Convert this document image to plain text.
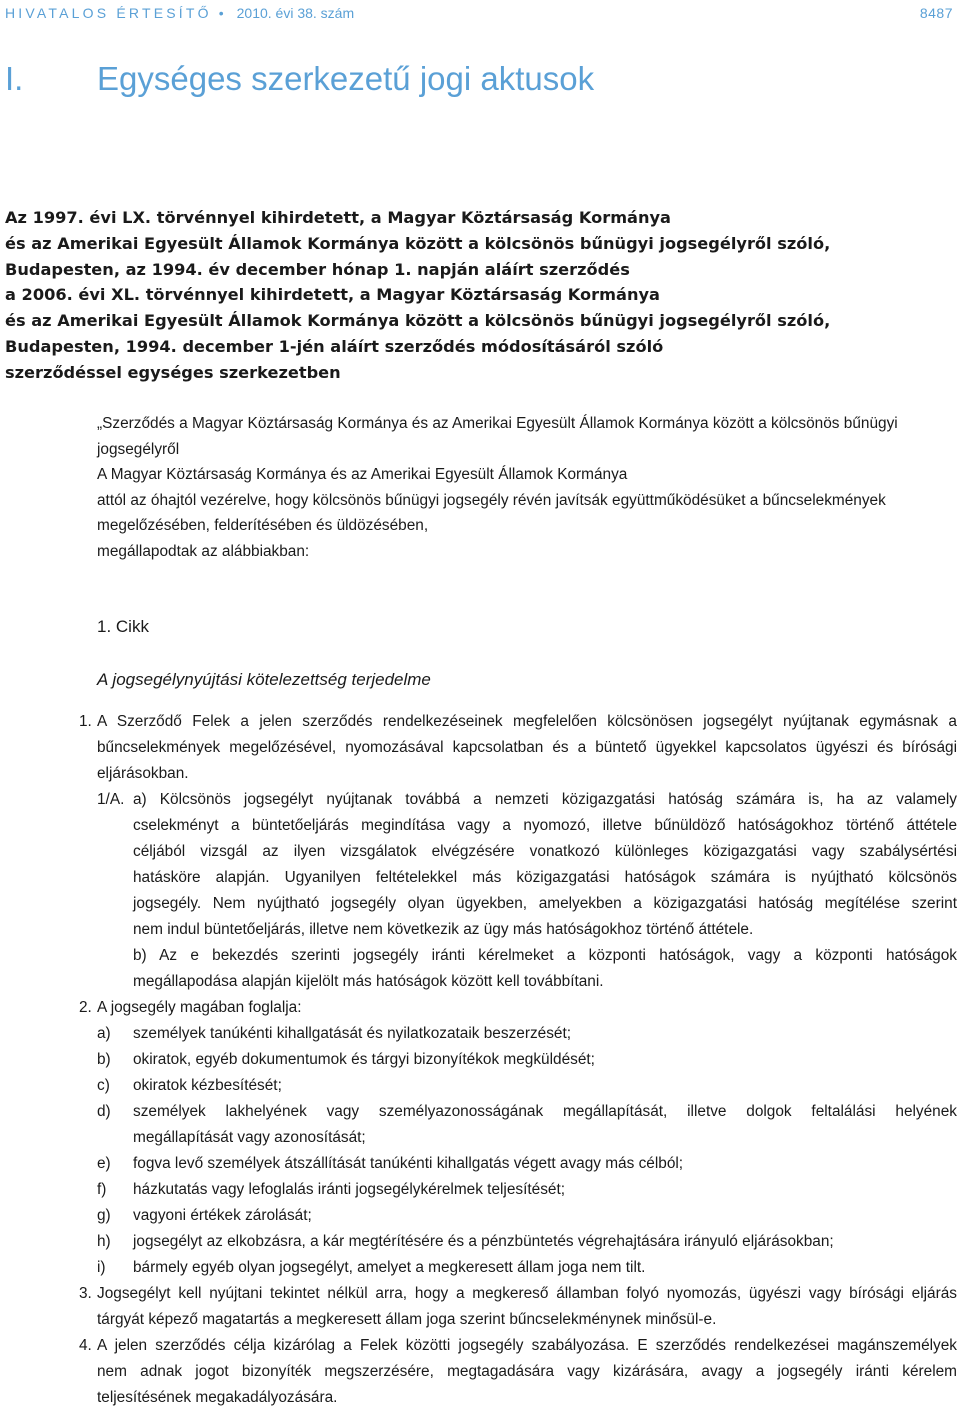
HIVATALOS ÉRTESÍTŐ • 2010. évi 38. szám	8487
I.	Egységes szerkezetű jogi aktusok
Az 1997. évi LX. törvénnyel kihirdetett, a Magyar Köztársaság Kormánya
és az Amerikai Egyesült Államok Kormánya között a kölcsönös bűnügyi jogsegélyről szóló,
Budapesten, az 1994. év december hónap 1. napján aláírt szerződés
a 2006. évi XL. törvénnyel kihirdetett, a Magyar Köztársaság Kormánya
és az Amerikai Egyesült Államok Kormánya között a kölcsönös bűnügyi jogsegélyről szóló,
Budapesten, 1994. december 1-jén aláírt szerződés módosításáról szóló
szerződéssel egységes szerkezetben
„Szerződés a Magyar Köztársaság Kormánya és az Amerikai Egyesült Államok Kormánya között a kölcsönös bűnügyi
jogsegélyről
A Magyar Köztársaság Kormánya és az Amerikai Egyesült Államok Kormánya
attól az óhajtól vezérelve, hogy kölcsönös bűnügyi jogsegély révén javítsák együttműködésüket a bűncselekmények
megelőzésében, felderítésében és üldözésében,
megállapodtak az alábbiakban:
1. Cikk
A jogsegélynyújtási kötelezettség terjedelme
1. A Szerződő Felek a jelen szerződés rendelkezéseinek megfelelően kölcsönösen jogsegélyt nyújtanak egymásnak a
bűncselekmények megelőzésével, nyomozásával kapcsolatban és a büntető ügyekkel kapcsolatos ügyészi és bírósági
eljárásokban.
1/A. a) Kölcsönös jogsegélyt nyújtanak továbbá a nemzeti közigazgatási hatóság számára is, ha az valamely
cselekményt a büntetőeljárás megindítása vagy a nyomozó, illetve bűnüldöző hatóságokhoz történő áttétele
céljából vizsgál az ilyen vizsgálatok elvégzésére vonatkozó különleges közigazgatási vagy szabálysértési
hatásköre alapján. Ugyanilyen feltételekkel más közigazgatási hatóságok számára is nyújtható kölcsönös
jogsegély. Nem nyújtható jogsegély olyan ügyekben, amelyekben a közigazgatási hatóság megítélése szerint
nem indul büntetőeljárás, illetve nem következik az ügy más hatóságokhoz történő áttétele.
b) Az e bekezdés szerinti jogsegély iránti kérelmeket a központi hatóságok, vagy a központi hatóságok
megállapodása alapján kijelölt más hatóságok között kell továbbítani.
2. A jogsegély magában foglalja:
a) személyek tanúkénti kihallgatását és nyilatkozataik beszerzését;
b) okiratok, egyéb dokumentumok és tárgyi bizonyítékok megküldését;
c) okiratok kézbesítését;
d) személyek lakhelyének vagy személyazonosságának megállapítását, illetve dolgok feltalálási helyének
megállapítását vagy azonosítását;
e) fogva levő személyek átszállítását tanúkénti kihallgatás végett avagy más célból;
f) házkutatás vagy lefoglalás iránti jogsegélykérelmek teljesítését;
g) vagyoni értékek zárolását;
h) jogsegélyt az elkobzásra, a kár megtérítésére és a pénzbüntetés végrehajtására irányuló eljárásokban;
i) bármely egyéb olyan jogsegélyt, amelyet a megkeresett állam joga nem tilt.
3. Jogsegélyt kell nyújtani tekintet nélkül arra, hogy a megkereső államban folyó nyomozás, ügyészi vagy bírósági eljárás
tárgyát képező magatartás a megkeresett állam joga szerint bűncselekménynek minősül-e.
4. A jelen szerződés célja kizárólag a Felek közötti jogsegély szabályozása. E szerződés rendelkezései magánszemélyek
nem adnak jogot bizonyíték megszerzésére, megtagadására vagy kizárására, avagy a jogsegély iránti kérelem
teljesítésének megakadályozására.
